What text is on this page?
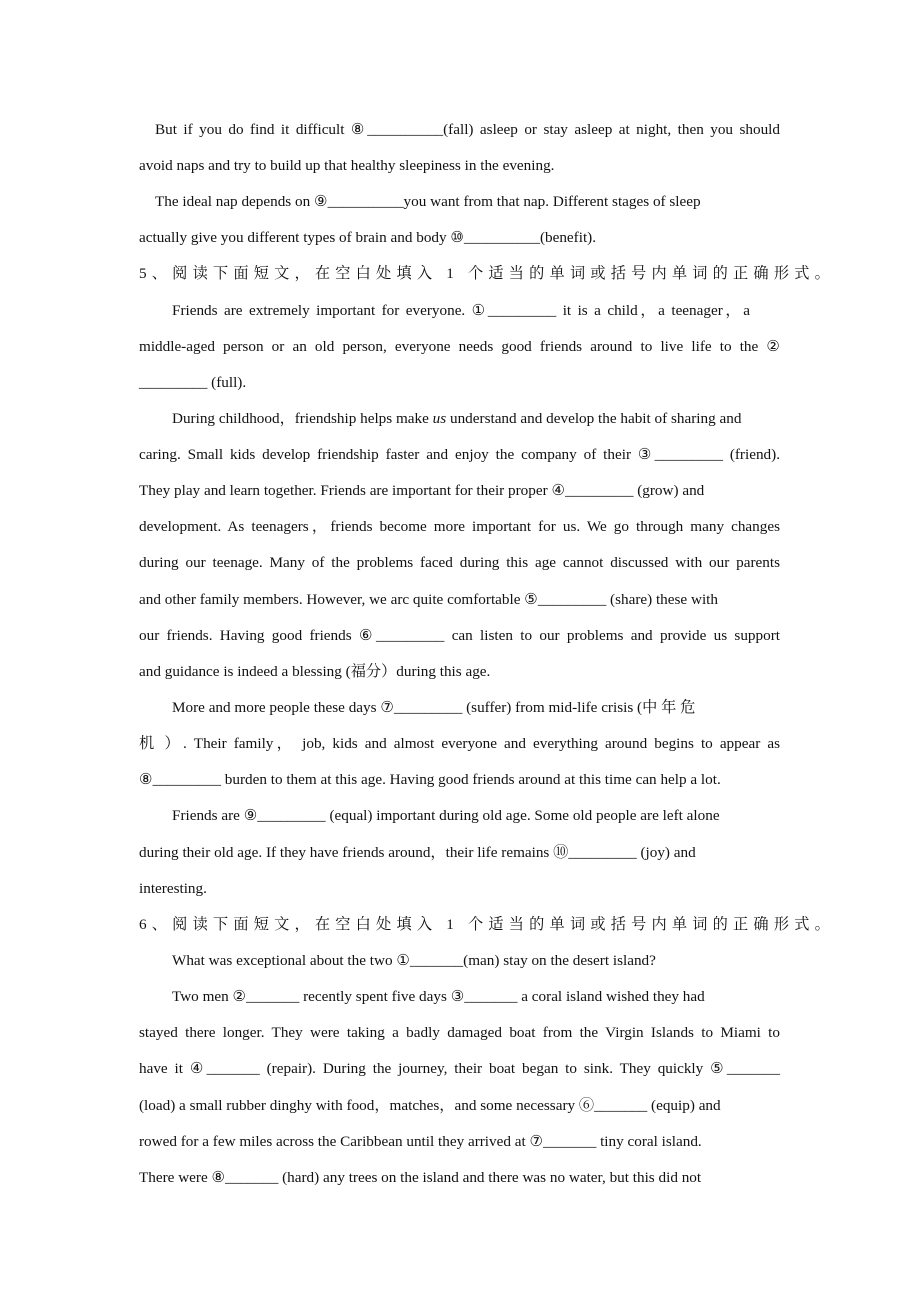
But if you do find it difficult ⑧__________(fall) asleep or stay asleep at night, then you should
avoid naps and try to build up that healthy sleepiness in the evening.
The ideal nap depends on ⑨__________you want from that nap. Different stages of sleep
actually give you different types of brain and body ⑩__________(benefit).
5、阅读下面短文，在空白处填入 1 个适当的单词或括号内单词的正确形式。
Friends are extremely important for everyone. ①_________ it is a child，a teenager，a
middle-aged person or an old person, everyone needs good friends around to live life to the ②
_________ (full).
During childhood，friendship helps make us understand and develop the habit of sharing and
caring. Small kids develop friendship faster and enjoy the company of their ③_________ (friend).
They play and learn together. Friends are important for their proper ④_________ (grow) and
development. As teenagers，friends become more important for us. We go through many changes
during our teenage. Many of the problems faced during this age cannot discussed with our parents
and other family members. However, we arc quite comfortable ⑤_________ (share) these with
our friends. Having good friends ⑥_________ can listen to our problems and provide us support
and guidance is indeed a blessing (福分）during this age.
More and more people these days ⑦_________ (suffer) from mid-life crisis (中 年 危
机 ）. Their family， job, kids and almost everyone and everything around begins to appear as
⑧_________ burden to them at this age. Having good friends around at this time can help a lot.
Friends are ⑨_________ (equal) important during old age. Some old people are left alone
during their old age. If they have friends around，their life remains ⑩_________ (joy) and
interesting.
6、阅读下面短文，在空白处填入 1 个适当的单词或括号内单词的正确形式。
What was exceptional about the two ①_______(man) stay on the desert island?
Two men ②_______ recently spent five days ③_______ a coral island wished they had
stayed there longer. They were taking a badly damaged boat from the Virgin Islands to Miami to
have it ④_______ (repair). During the journey, their boat began to sink. They quickly ⑤_______
(load) a small rubber dinghy with food，matches，and some necessary ⑥_______ (equip) and
rowed for a few miles across the Caribbean until they arrived at ⑦_______ tiny coral island.
There were ⑧_______ (hard) any trees on the island and there was no water, but this did not
